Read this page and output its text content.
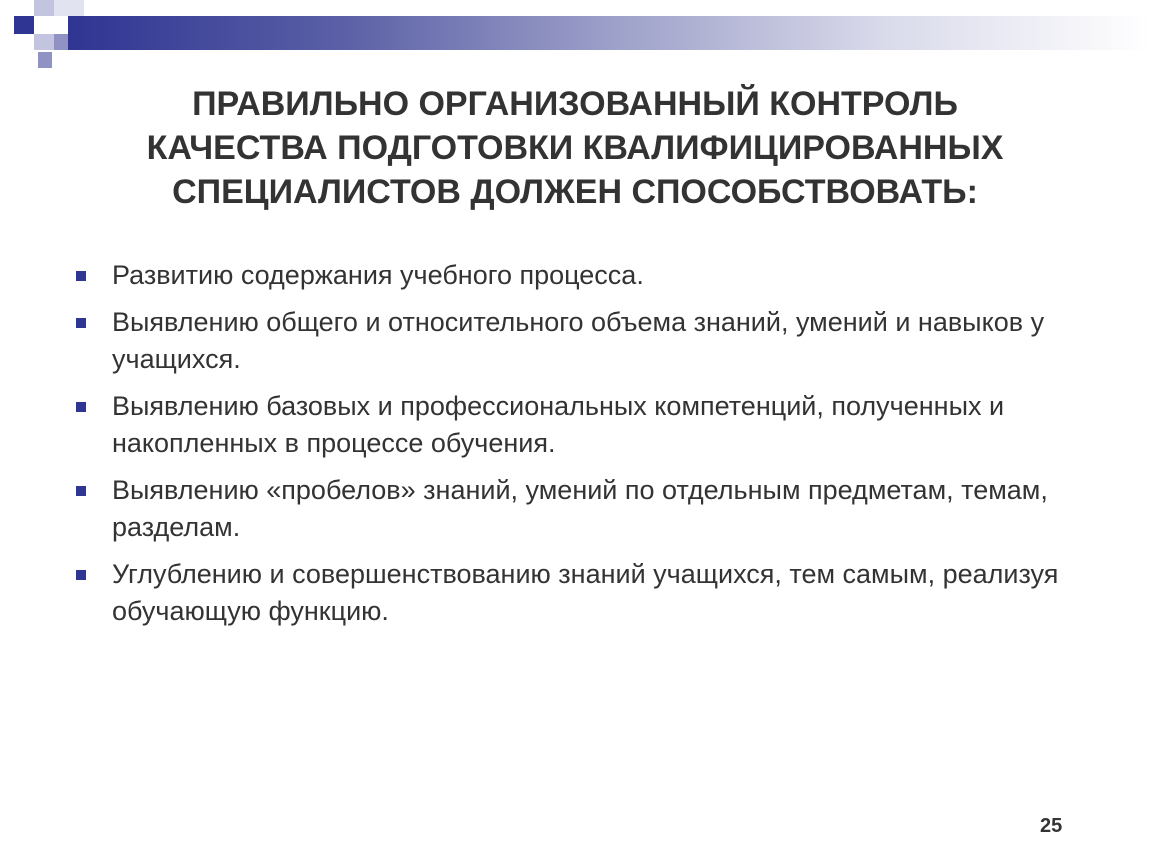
ПРАВИЛЬНО ОРГАНИЗОВАННЫЙ КОНТРОЛЬ
КАЧЕСТВА ПОДГОТОВКИ КВАЛИФИЦИРОВАННЫХ
СПЕЦИАЛИСТОВ ДОЛЖЕН СПОСОБСТВОВАТЬ:
Развитию содержания учебного процесса.
Выявлению общего и относительного объема знаний, умений и навыков у учащихся.
Выявлению базовых и профессиональных компетенций, полученных и накопленных в процессе обучения.
Выявлению «пробелов» знаний, умений по отдельным предметам, темам, разделам.
Углублению и совершенствованию знаний учащихся, тем самым, реализуя обучающую функцию.
25
